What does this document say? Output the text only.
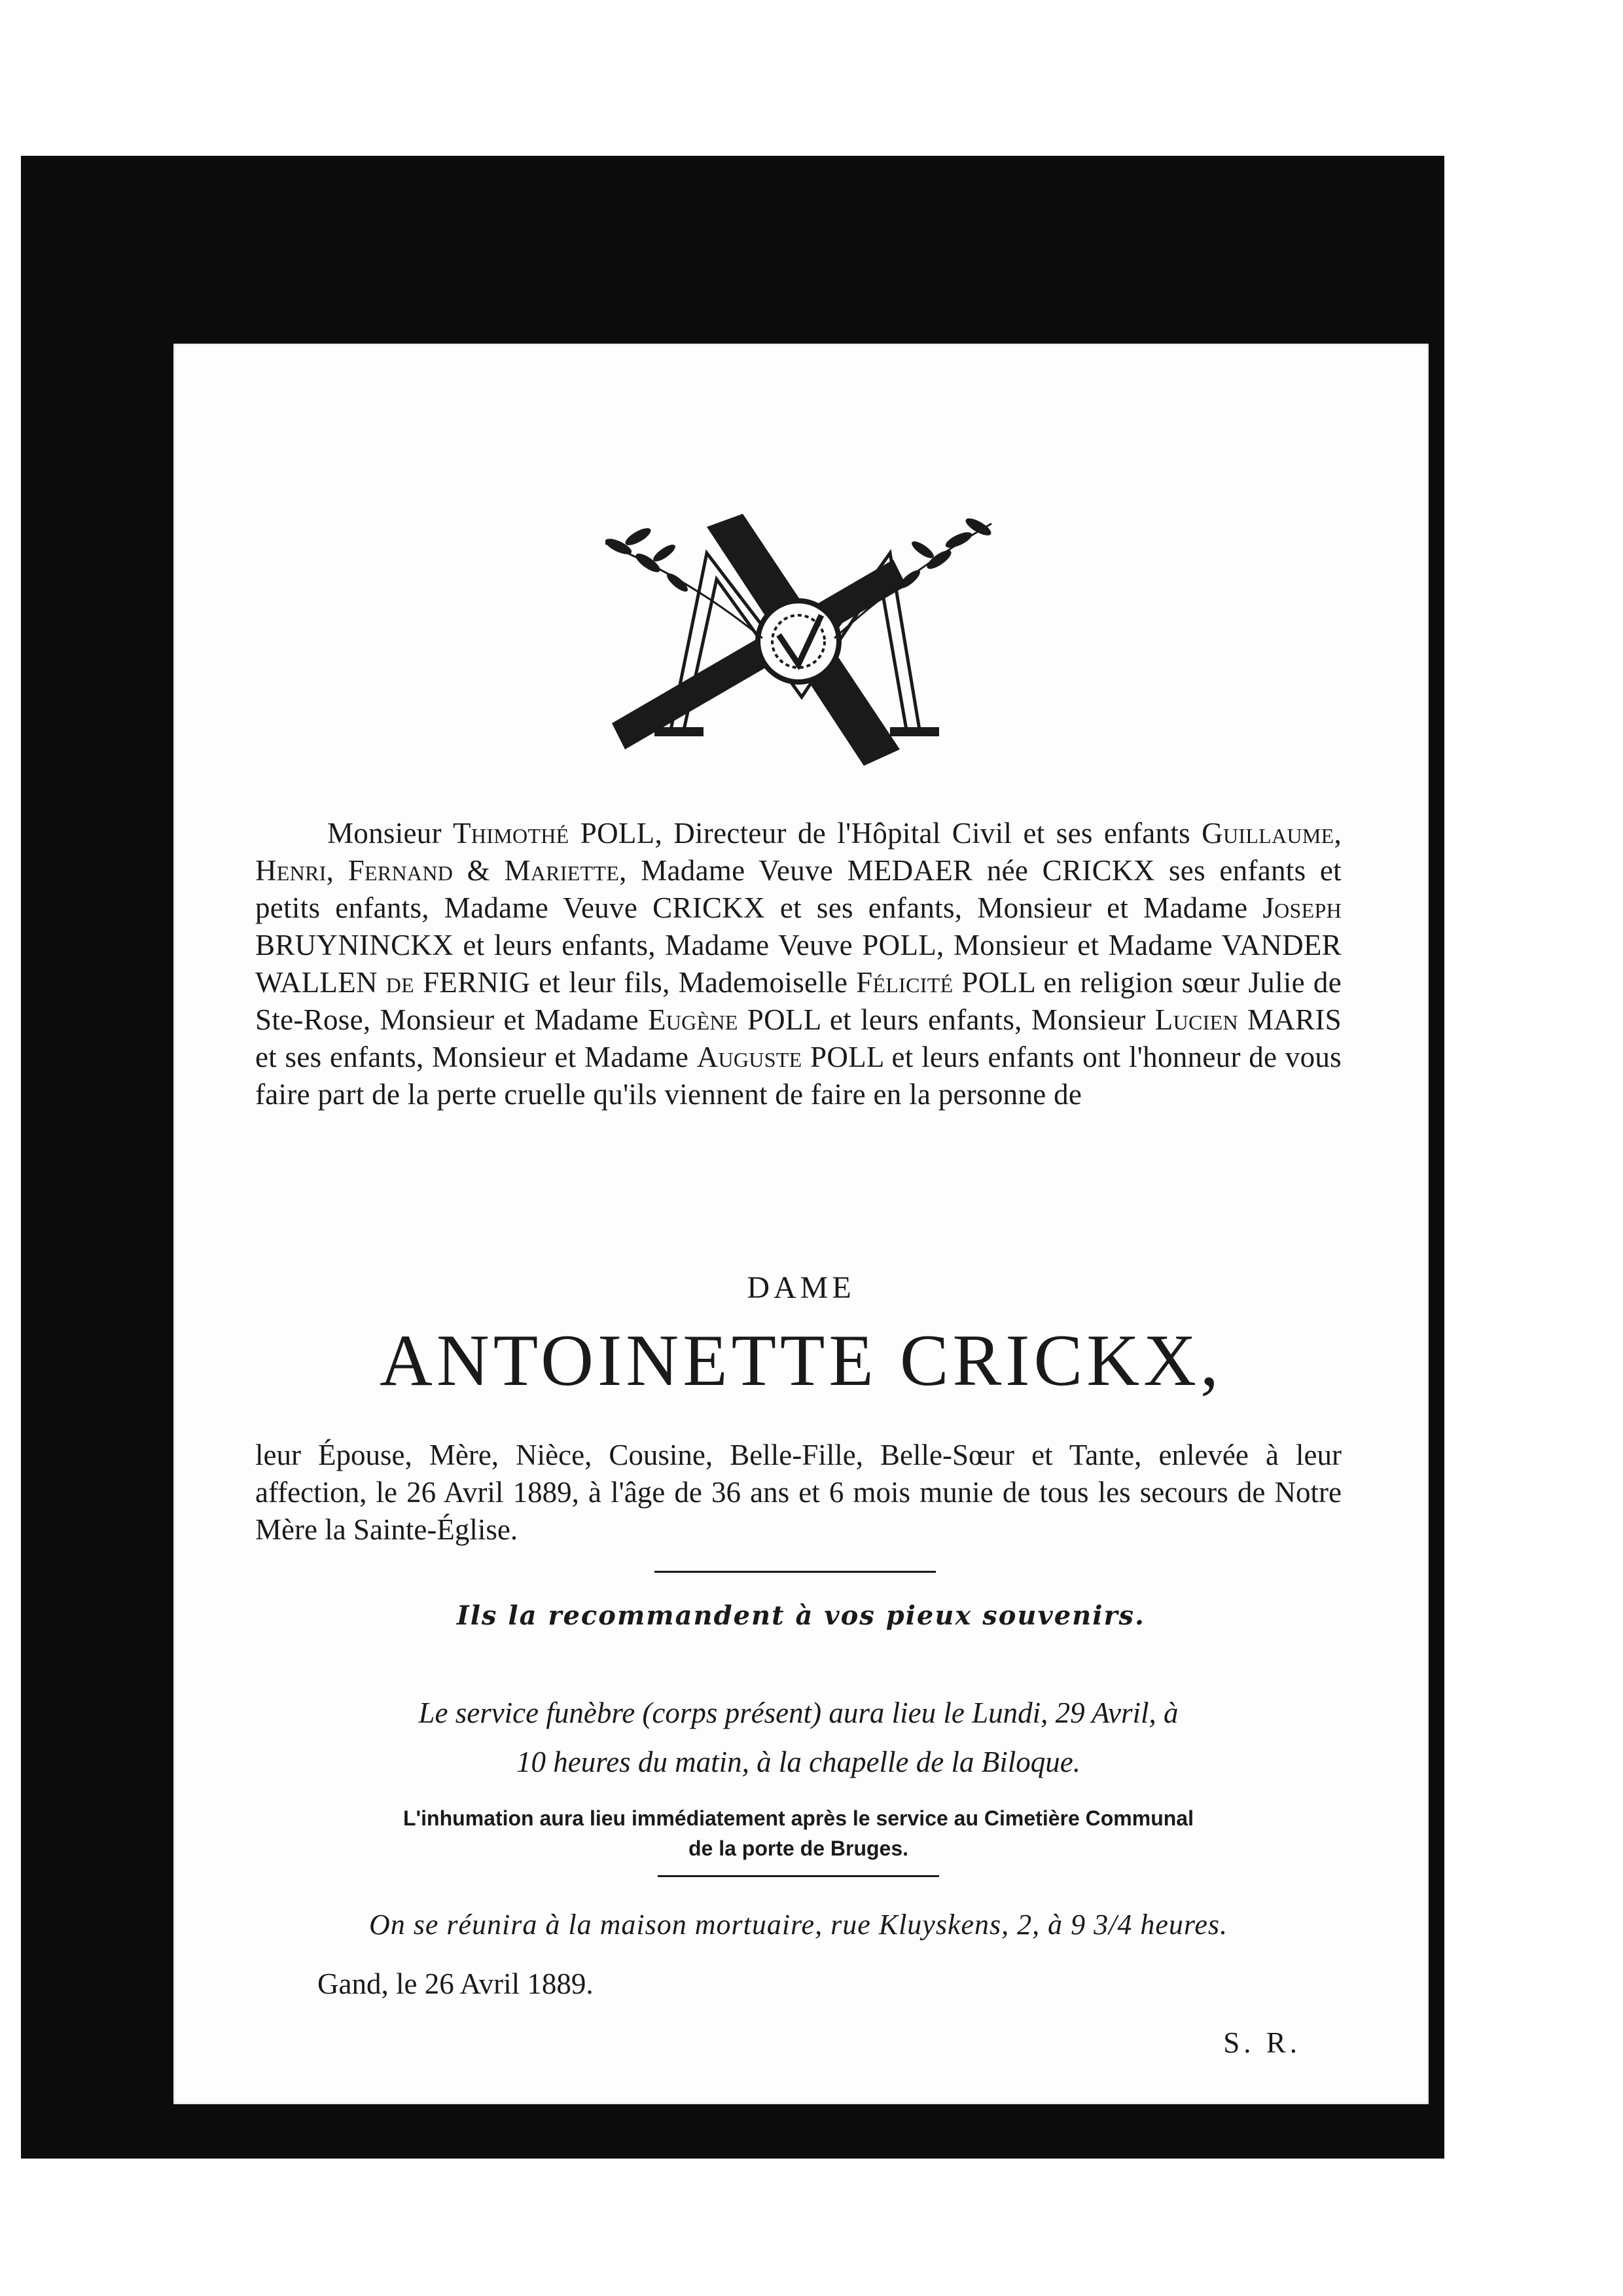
Monsieur Thimothé POLL, Directeur de l'Hôpital Civil et ses enfants Guillaume, Henri, Fernand & Mariette, Madame Veuve MEDAER née CRICKX ses enfants et petits enfants, Madame Veuve CRICKX et ses enfants, Monsieur et Madame Joseph BRUYNINCKX et leurs enfants, Madame Veuve POLL, Monsieur et Madame VANDER WALLEN de FERNIG et leur fils, Mademoiselle Félicité POLL en religion sœur Julie de Ste-Rose, Monsieur et Madame Eugène POLL et leurs enfants, Monsieur Lucien MARIS et ses enfants, Monsieur et Madame Auguste POLL et leurs enfants ont l'honneur de vous faire part de la perte cruelle qu'ils viennent de faire en la personne de
DAME
ANTOINETTE CRICKX,
leur Épouse, Mère, Nièce, Cousine, Belle-Fille, Belle-Sœur et Tante, enlevée à leur affection, le 26 Avril 1889, à l'âge de 36 ans et 6 mois munie de tous les secours de Notre Mère la Sainte-Église.
Ils la recommandent à vos pieux souvenirs.
Le service funèbre (corps présent) aura lieu le Lundi, 29 Avril, à
10 heures du matin, à la chapelle de la Biloque.
L'inhumation aura lieu immédiatement après le service au Cimetière Communal
de la porte de Bruges.
On se réunira à la maison mortuaire, rue Kluyskens, 2, à 9 3/4 heures.
Gand, le 26 Avril 1889.
S. R.
